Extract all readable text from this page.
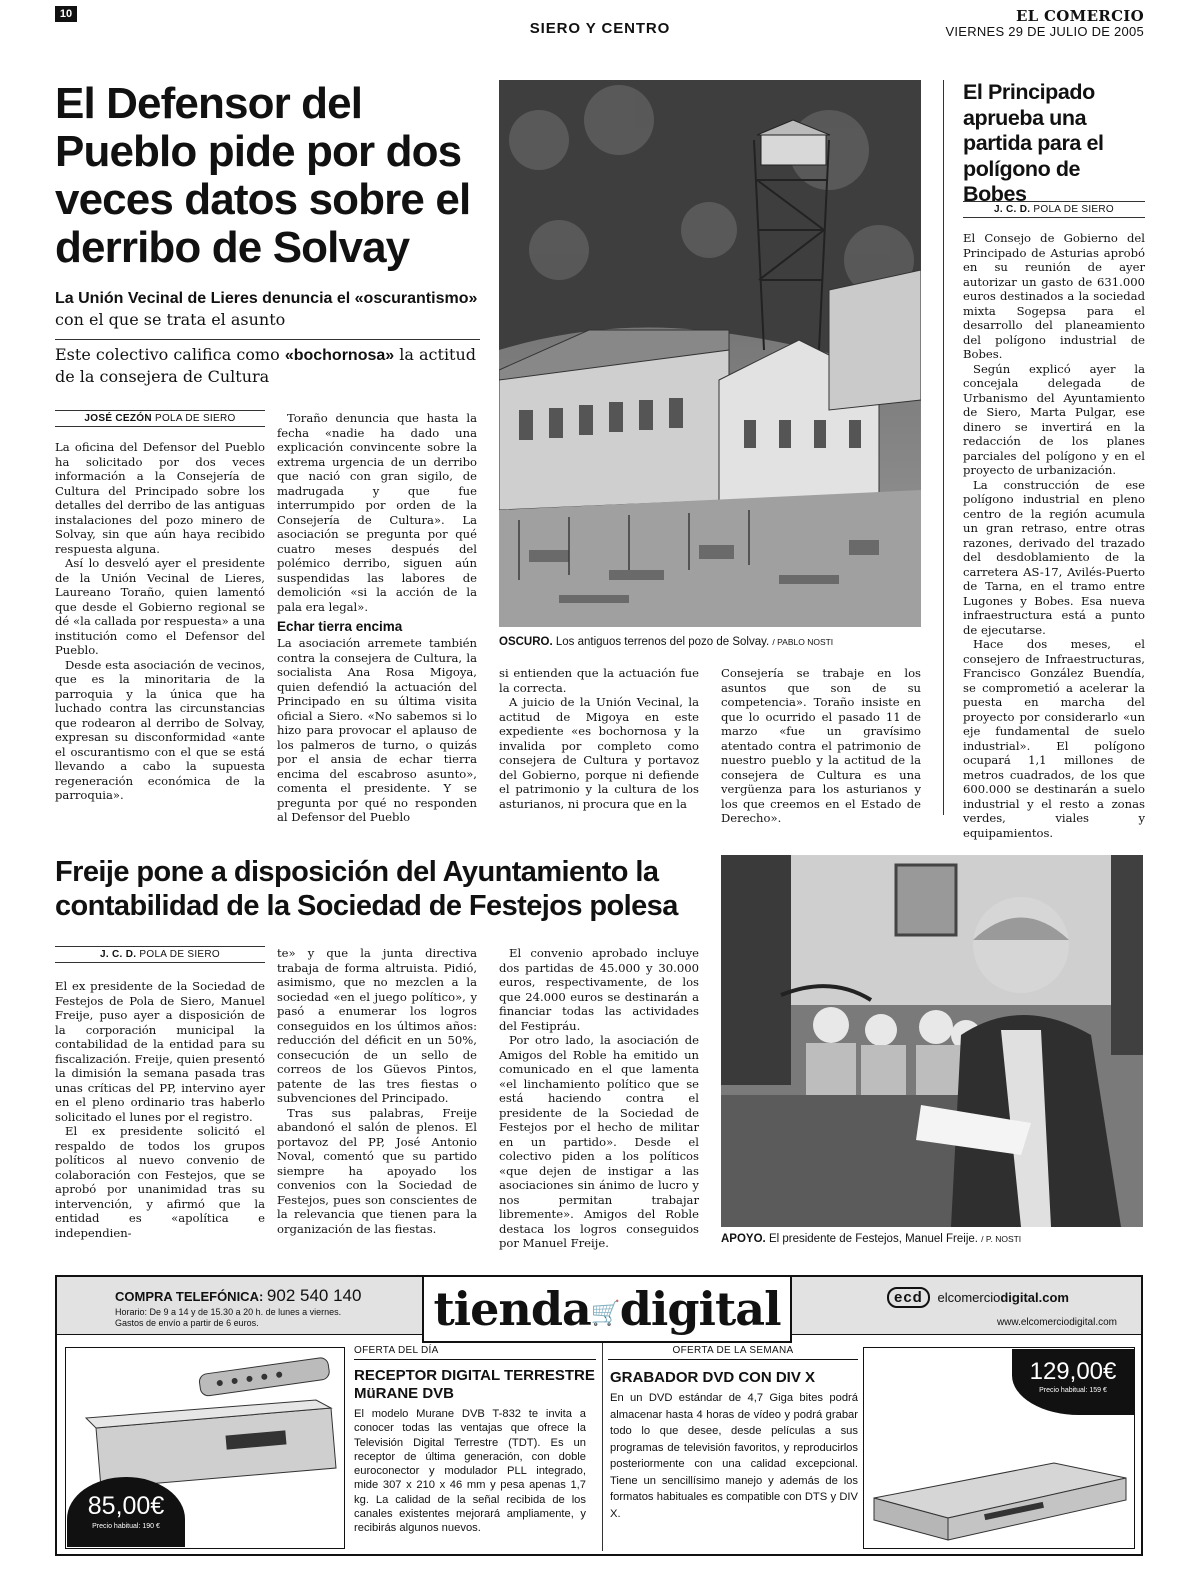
10
SIERO Y CENTRO
EL COMERCIO
VIERNES 29 DE JULIO DE 2005
El Defensor del Pueblo pide por dos veces datos sobre el derribo de Solvay
La Unión Vecinal de Lieres denuncia el «oscurantismo» con el que se trata el asunto
Este colectivo califica como «bochornosa» la actitud de la consejera de Cultura
JOSÉ CEZÓN POLA DE SIERO

La oficina del Defensor del Pueblo ha solicitado por dos veces información a la Consejería de Cultura del Principado sobre los detalles del derribo de las antiguas instalaciones del pozo minero de Solvay, sin que aún haya recibido respuesta alguna.

Así lo desveló ayer el presidente de la Unión Vecinal de Lieres, Laureano Toraño, quien lamentó que desde el Gobierno regional se dé «la callada por respuesta» a una institución como el Defensor del Pueblo.

Desde esta asociación de vecinos, que es la minoritaria de la parroquia y la única que ha luchado contra las circunstancias que rodearon al derribo de Solvay, expresan su disconformidad «ante el oscurantismo con el que se está llevando a cabo la supuesta regeneración económica de la parroquia».

Toraño denuncia que hasta la fecha «nadie ha dado una explicación convincente sobre la extrema urgencia de un derribo que nació con gran sigilo, de madrugada y que fue interrumpido por orden de la Consejería de Cultura». La asociación se pregunta por qué cuatro meses después del polémico derribo, siguen aún suspendidas las labores de demolición «si la acción de la pala era legal».

Echar tierra encima

La asociación arremete también contra la consejera de Cultura, la socialista Ana Rosa Migoya, quien defendió la actuación del Principado en su última visita oficial a Siero. «No sabemos si lo hizo para provocar el aplauso de los palmeros de turno, o quizás por el ansia de echar tierra encima del escabroso asunto», comenta el presidente. Y se pregunta por qué no responden al Defensor del Pueblo

OSCURO. Los antiguos terrenos del pozo de Solvay. / PABLO NOSTI

si entienden que la actuación fue la correcta.

A juicio de la Unión Vecinal, la actitud de Migoya en este expediente «es bochornosa y la invalida por completo como consejera de Cultura y portavoz del Gobierno, porque ni defiende el patrimonio y la cultura de los asturianos, ni procura que en la

Consejería se trabaje en los asuntos que son de su competencia». Toraño insiste en que lo ocurrido el pasado 11 de marzo «fue un gravísimo atentado contra el patrimonio de nuestro pueblo y la actitud de la consejera de Cultura es una vergüenza para los asturianos y los que creemos en el Estado de Derecho».

El Principado aprueba una partida para el polígono de Bobes
J. C. D. POLA DE SIERO

El Consejo de Gobierno del Principado de Asturias aprobó en su reunión de ayer autorizar un gasto de 631.000 euros destinados a la sociedad mixta Sogepsa para el desarrollo del planeamiento del polígono industrial de Bobes.

Según explicó ayer la concejala delegada de Urbanismo del Ayuntamiento de Siero, Marta Pulgar, ese dinero se invertirá en la redacción de los planes parciales del polígono y en el proyecto de urbanización.

La construcción de ese polígono industrial en pleno centro de la región acumula un gran retraso, entre otras razones, derivado del trazado del desdoblamiento de la carretera AS-17, Avilés-Puerto de Tarna, en el tramo entre Lugones y Bobes. Esa nueva infraestructura está a punto de ejecutarse.

Hace dos meses, el consejero de Infraestructuras, Francisco González Buendía, se comprometió a acelerar la puesta en marcha del proyecto por considerarlo «un eje fundamental de suelo industrial». El polígono ocupará 1,1 millones de metros cuadrados, de los que 600.000 se destinarán a suelo industrial y el resto a zonas verdes, viales y equipamientos.

Freije pone a disposición del Ayuntamiento la contabilidad de la Sociedad de Festejos polesa
J. C. D. POLA DE SIERO

El ex presidente de la Sociedad de Festejos de Pola de Siero, Manuel Freije, puso ayer a disposición de la corporación municipal la contabilidad de la entidad para su fiscalización. Freije, quien presentó la dimisión la semana pasada tras unas críticas del PP, intervino ayer en el pleno ordinario tras haberlo solicitado el lunes por el registro.

El ex presidente solicitó el respaldo de todos los grupos políticos al nuevo convenio de colaboración con Festejos, que se aprobó por unanimidad tras su intervención, y afirmó que la entidad es «apolítica e independien-

te» y que la junta directiva trabaja de forma altruista. Pidió, asimismo, que no mezclen a la sociedad «en el juego político», y pasó a enumerar los logros conseguidos en los últimos años: reducción del déficit en un 50%, consecución de un sello de correos de los Güevos Pintos, patente de las tres fiestas o subvenciones del Principado.

Tras sus palabras, Freije abandonó el salón de plenos. El portavoz del PP, José Antonio Noval, comentó que su partido siempre ha apoyado los convenios con la Sociedad de Festejos, pues son conscientes de la relevancia que tienen para la organización de las fiestas.

El convenio aprobado incluye dos partidas de 45.000 y 30.000 euros, respectivamente, de los que 24.000 euros se destinarán a financiar todas las actividades del Festipráu.

Por otro lado, la asociación de Amigos del Roble ha emitido un comunicado en el que lamenta «el linchamiento político que se está haciendo contra el presidente de la Sociedad de Festejos por el hecho de militar en un partido». Desde el colectivo piden a los políticos «que dejen de instigar a las asociaciones sin ánimo de lucro y nos permitan trabajar libremente». Amigos del Roble destaca los logros conseguidos por Manuel Freije.	APOYO. El presidente de Festejos, Manuel Freije. / P. NOSTI
COMPRA TELEFÓNICA: 902 540 140
Horario: De 9 a 14 y de 15.30 a 20 h. de lunes a viernes.
Gastos de envío a partir de 6 euros.	tienda🛒digital	ecd elcomerciodigital.com
www.elcomerciodigital.com
85,00€
Precio habitual: 190 €
OFERTA DEL DÍA
RECEPTOR DIGITAL TERRESTRE MüRANE DVB
El modelo Murane DVB T-832 te invita a conocer todas las ventajas que ofrece la Televisión Digital Terrestre (TDT). Es un receptor de última generación, con doble euroconector y modulador PLL integrado, mide 307 x 210 x 46 mm y pesa apenas 1,7 kg. La calidad de la señal recibida de los canales existentes mejorará ampliamente, y recibirás algunos nuevos.
OFERTA DE LA SEMANA
GRABADOR DVD CON DIV X
En un DVD estándar de 4,7 Giga bites podrá almacenar hasta 4 horas de vídeo y podrá grabar todo lo que desee, desde películas a sus programas de televisión favoritos, y reproducirlos posteriormente con una calidad excepcional. Tiene un sencillísimo manejo y además de los formatos habituales es compatible con DTS y DIV X.
129,00€
Precio habitual: 159 €
